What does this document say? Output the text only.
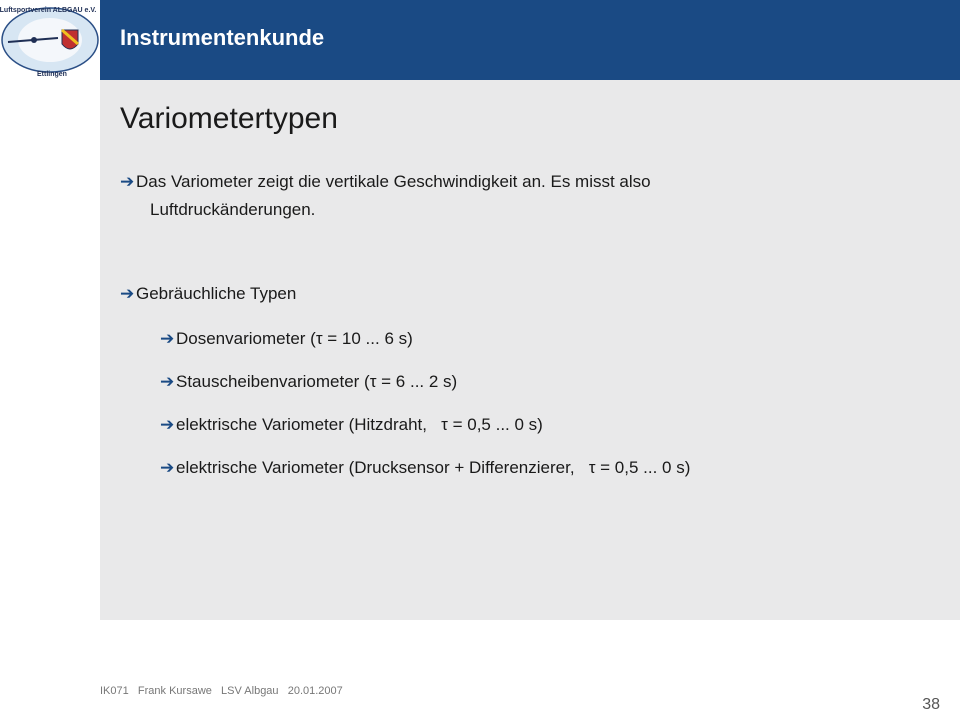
Luftsportverein ALBGAU e.V.
Ettlingen
Instrumentenkunde
Variometertypen
➔ Das Variometer zeigt die vertikale Geschwindigkeit an. Es misst also
Luftdruckänderungen.
➔ Gebräuchliche Typen
➔ Dosenvariometer (τ = 10 ... 6 s)
➔ Stauscheibenvariometer (τ = 6 ... 2 s)
➔ elektrische Variometer (Hitzdraht,   τ = 0,5 ... 0 s)
➔ elektrische Variometer (Drucksensor + Differenzierer,   τ = 0,5 ... 0 s)
IK071   Frank Kursawe   LSV Albgau   20.01.2007
38
